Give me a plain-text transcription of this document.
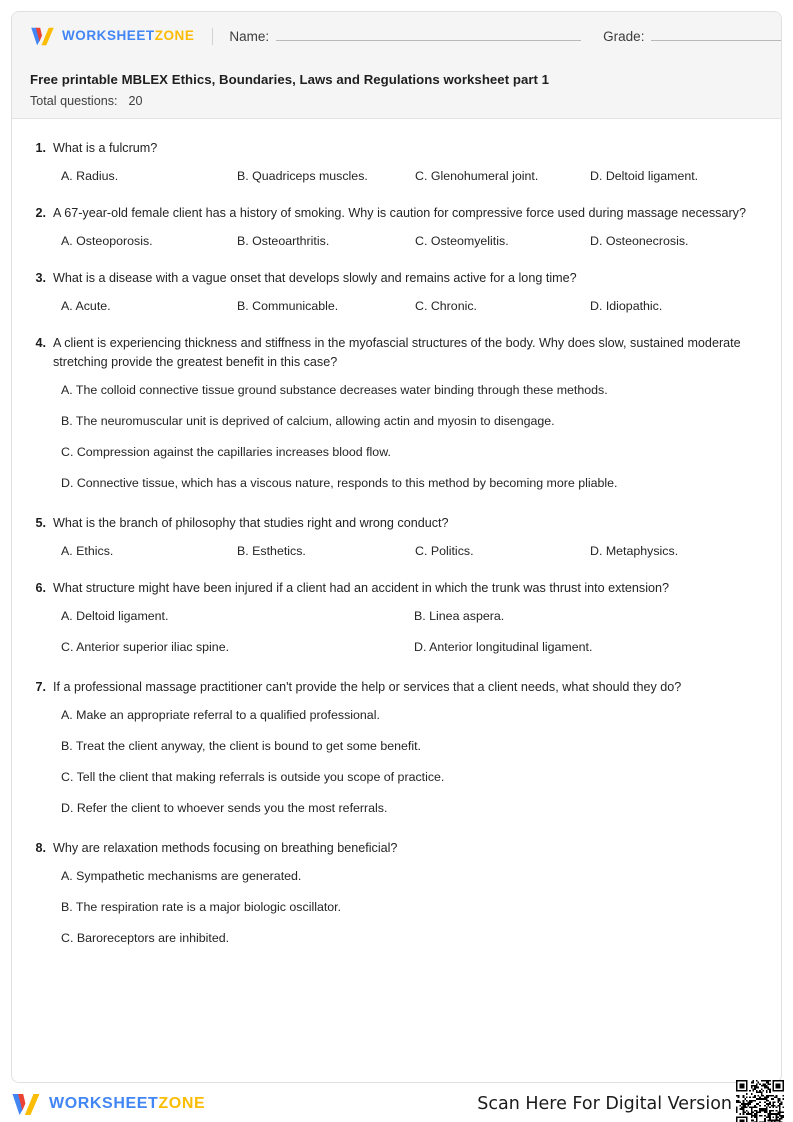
WORKSHEETZONE	Name:	Grade:
Free printable MBLEX Ethics, Boundaries, Laws and Regulations worksheet part 1
Total questions: 20
1. What is a fulcrum?
A. Radius.	B. Quadriceps muscles.	C. Glenohumeral joint.	D. Deltoid ligament.
2. A 67-year-old female client has a history of smoking. Why is caution for compressive force used during massage necessary?
A. Osteoporosis.	B. Osteoarthritis.	C. Osteomyelitis.	D. Osteonecrosis.
3. What is a disease with a vague onset that develops slowly and remains active for a long time?
A. Acute.	B. Communicable.	C. Chronic.	D. Idiopathic.
4. A client is experiencing thickness and stiffness in the myofascial structures of the body. Why does slow, sustained moderate stretching provide the greatest benefit in this case?
A. The colloid connective tissue ground substance decreases water binding through these methods.
B. The neuromuscular unit is deprived of calcium, allowing actin and myosin to disengage.
C. Compression against the capillaries increases blood flow.
D. Connective tissue, which has a viscous nature, responds to this method by becoming more pliable.
5. What is the branch of philosophy that studies right and wrong conduct?
A. Ethics.	B. Esthetics.	C. Politics.	D. Metaphysics.
6. What structure might have been injured if a client had an accident in which the trunk was thrust into extension?
A. Deltoid ligament.	B. Linea aspera.
C. Anterior superior iliac spine.	D. Anterior longitudinal ligament.
7. If a professional massage practitioner can't provide the help or services that a client needs, what should they do?
A. Make an appropriate referral to a qualified professional.
B. Treat the client anyway, the client is bound to get some benefit.
C. Tell the client that making referrals is outside you scope of practice.
D. Refer the client to whoever sends you the most referrals.
8. Why are relaxation methods focusing on breathing beneficial?
A. Sympathetic mechanisms are generated.
B. The respiration rate is a major biologic oscillator.
C. Baroreceptors are inhibited.
WORKSHEETZONE	Scan Here For Digital Version
